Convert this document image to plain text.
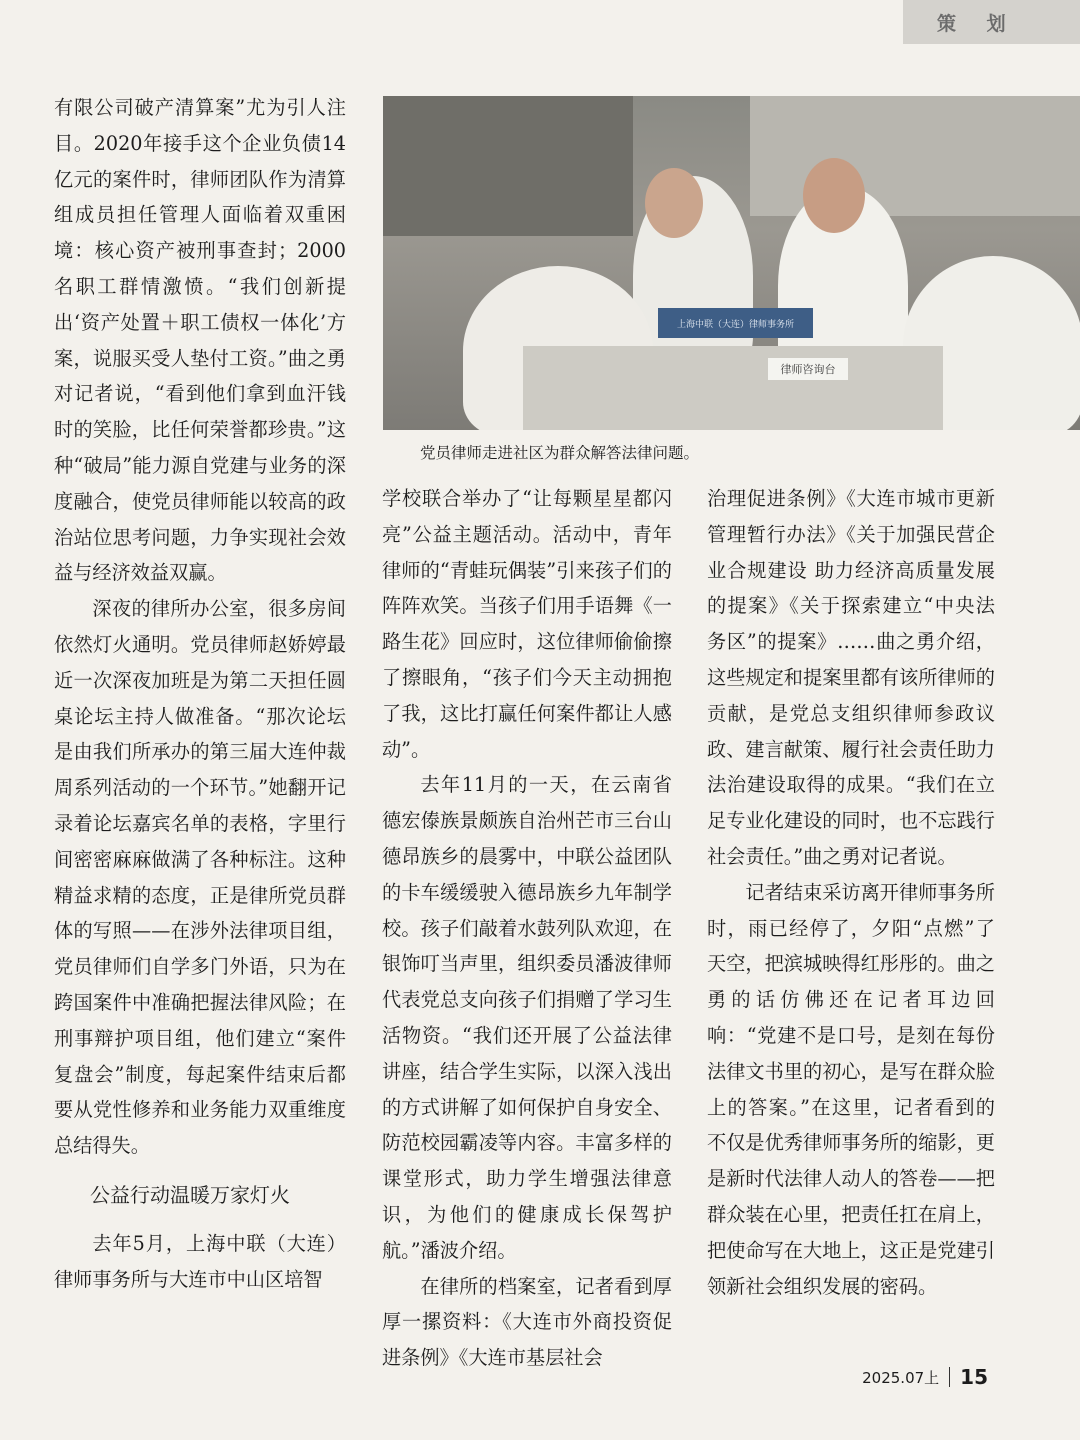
策 划
上海中联（大连）律师事务所
律师咨询台
党员律师走进社区为群众解答法律问题。

有限公司破产清算案”尤为引人注目。2020年接手这个企业负债14亿元的案件时，律师团队作为清算组成员担任管理人面临着双重困境：核心资产被刑事查封；2000名职工群情激愤。“我们创新提出‘资产处置＋职工债权一体化’方案，说服买受人垫付工资。”曲之勇对记者说，“看到他们拿到血汗钱时的笑脸，比任何荣誉都珍贵。”这种“破局”能力源自党建与业务的深度融合，使党员律师能以较高的政治站位思考问题，力争实现社会效益与经济效益双赢。

深夜的律所办公室，很多房间依然灯火通明。党员律师赵娇婷最近一次深夜加班是为第二天担任圆桌论坛主持人做准备。“那次论坛是由我们所承办的第三届大连仲裁周系列活动的一个环节。”她翻开记录着论坛嘉宾名单的表格，字里行间密密麻麻做满了各种标注。这种精益求精的态度，正是律所党员群体的写照——在涉外法律项目组，党员律师们自学多门外语，只为在跨国案件中准确把握法律风险；在刑事辩护项目组，他们建立“案件复盘会”制度，每起案件结束后都要从党性修养和业务能力双重维度总结得失。

公益行动温暖万家灯火

去年5月，上海中联（大连）律师事务所与大连市中山区培智

学校联合举办了“让每颗星星都闪亮”公益主题活动。活动中，青年律师的“青蛙玩偶装”引来孩子们的阵阵欢笑。当孩子们用手语舞《一路生花》回应时，这位律师偷偷擦了擦眼角，“孩子们今天主动拥抱了我，这比打赢任何案件都让人感动”。

去年11月的一天，在云南省德宏傣族景颇族自治州芒市三台山德昂族乡的晨雾中，中联公益团队的卡车缓缓驶入德昂族乡九年制学校。孩子们敲着水鼓列队欢迎，在银饰叮当声里，组织委员潘波律师代表党总支向孩子们捐赠了学习生活物资。“我们还开展了公益法律讲座，结合学生实际，以深入浅出的方式讲解了如何保护自身安全、防范校园霸凌等内容。丰富多样的课堂形式，助力学生增强法律意识，为他们的健康成长保驾护航。”潘波介绍。

在律所的档案室，记者看到厚厚一摞资料：《大连市外商投资促进条例》《大连市基层社会

治理促进条例》《大连市城市更新管理暂行办法》《关于加强民营企业合规建设 助力经济高质量发展的提案》《关于探索建立“中央法务区”的提案》……曲之勇介绍，这些规定和提案里都有该所律师的贡献，是党总支组织律师参政议政、建言献策、履行社会责任助力法治建设取得的成果。“我们在立足专业化建设的同时，也不忘践行社会责任。”曲之勇对记者说。

记者结束采访离开律师事务所时，雨已经停了，夕阳“点燃”了天空，把滨城映得红彤彤的。曲之勇的话仿佛还在记者耳边回响：“党建不是口号，是刻在每份法律文书里的初心，是写在群众脸上的答案。”在这里，记者看到的不仅是优秀律师事务所的缩影，更是新时代法律人动人的答卷——把群众装在心里，把责任扛在肩上，把使命写在大地上，这正是党建引领新社会组织发展的密码。

2025.07上 15
